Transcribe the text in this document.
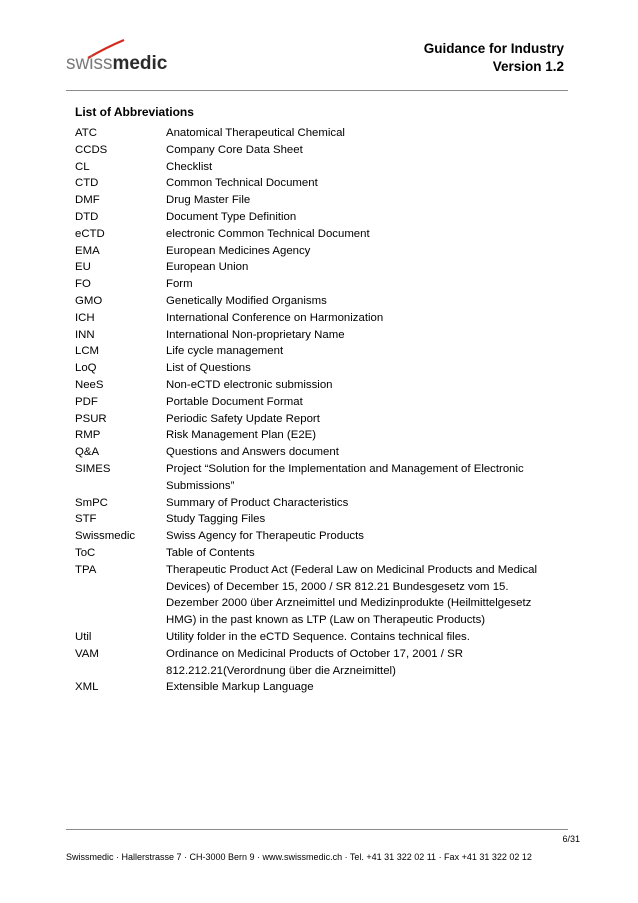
swissmedic
Guidance for Industry
Version 1.2
List of Abbreviations
ATC	Anatomical Therapeutical Chemical
CCDS	Company Core Data Sheet
CL	Checklist
CTD	Common Technical Document
DMF	Drug Master File
DTD	Document Type Definition
eCTD	electronic Common Technical Document
EMA	European Medicines Agency
EU	European Union
FO	Form
GMO	Genetically Modified Organisms
ICH	International Conference on Harmonization
INN	International Non-proprietary Name
LCM	Life cycle management
LoQ	List of Questions
NeeS	Non-eCTD electronic submission
PDF	Portable Document Format
PSUR	Periodic Safety Update Report
RMP	Risk Management Plan (E2E)
Q&A	Questions and Answers document
SIMES	Project “Solution for the Implementation and Management of Electronic
Submissions”
SmPC	Summary of Product Characteristics
STF	Study Tagging Files
Swissmedic	Swiss Agency for Therapeutic Products
ToC	Table of Contents
TPA	Therapeutic Product Act (Federal Law on Medicinal Products and Medical
Devices) of December 15, 2000 / SR 812.21 Bundesgesetz vom 15.
Dezember 2000 über Arzneimittel und Medizinprodukte (Heilmittelgesetz
HMG) in the past known as LTP (Law on Therapeutic Products)
Util	Utility folder in the eCTD Sequence. Contains technical files.
VAM	Ordinance on Medicinal Products of October 17, 2001 / SR
812.212.21(Verordnung über die Arzneimittel)
XML	Extensible Markup Language
6/31
Swissmedic · Hallerstrasse 7 · CH-3000 Bern 9 · www.swissmedic.ch · Tel. +41 31 322 02 11 · Fax +41 31 322 02 12
